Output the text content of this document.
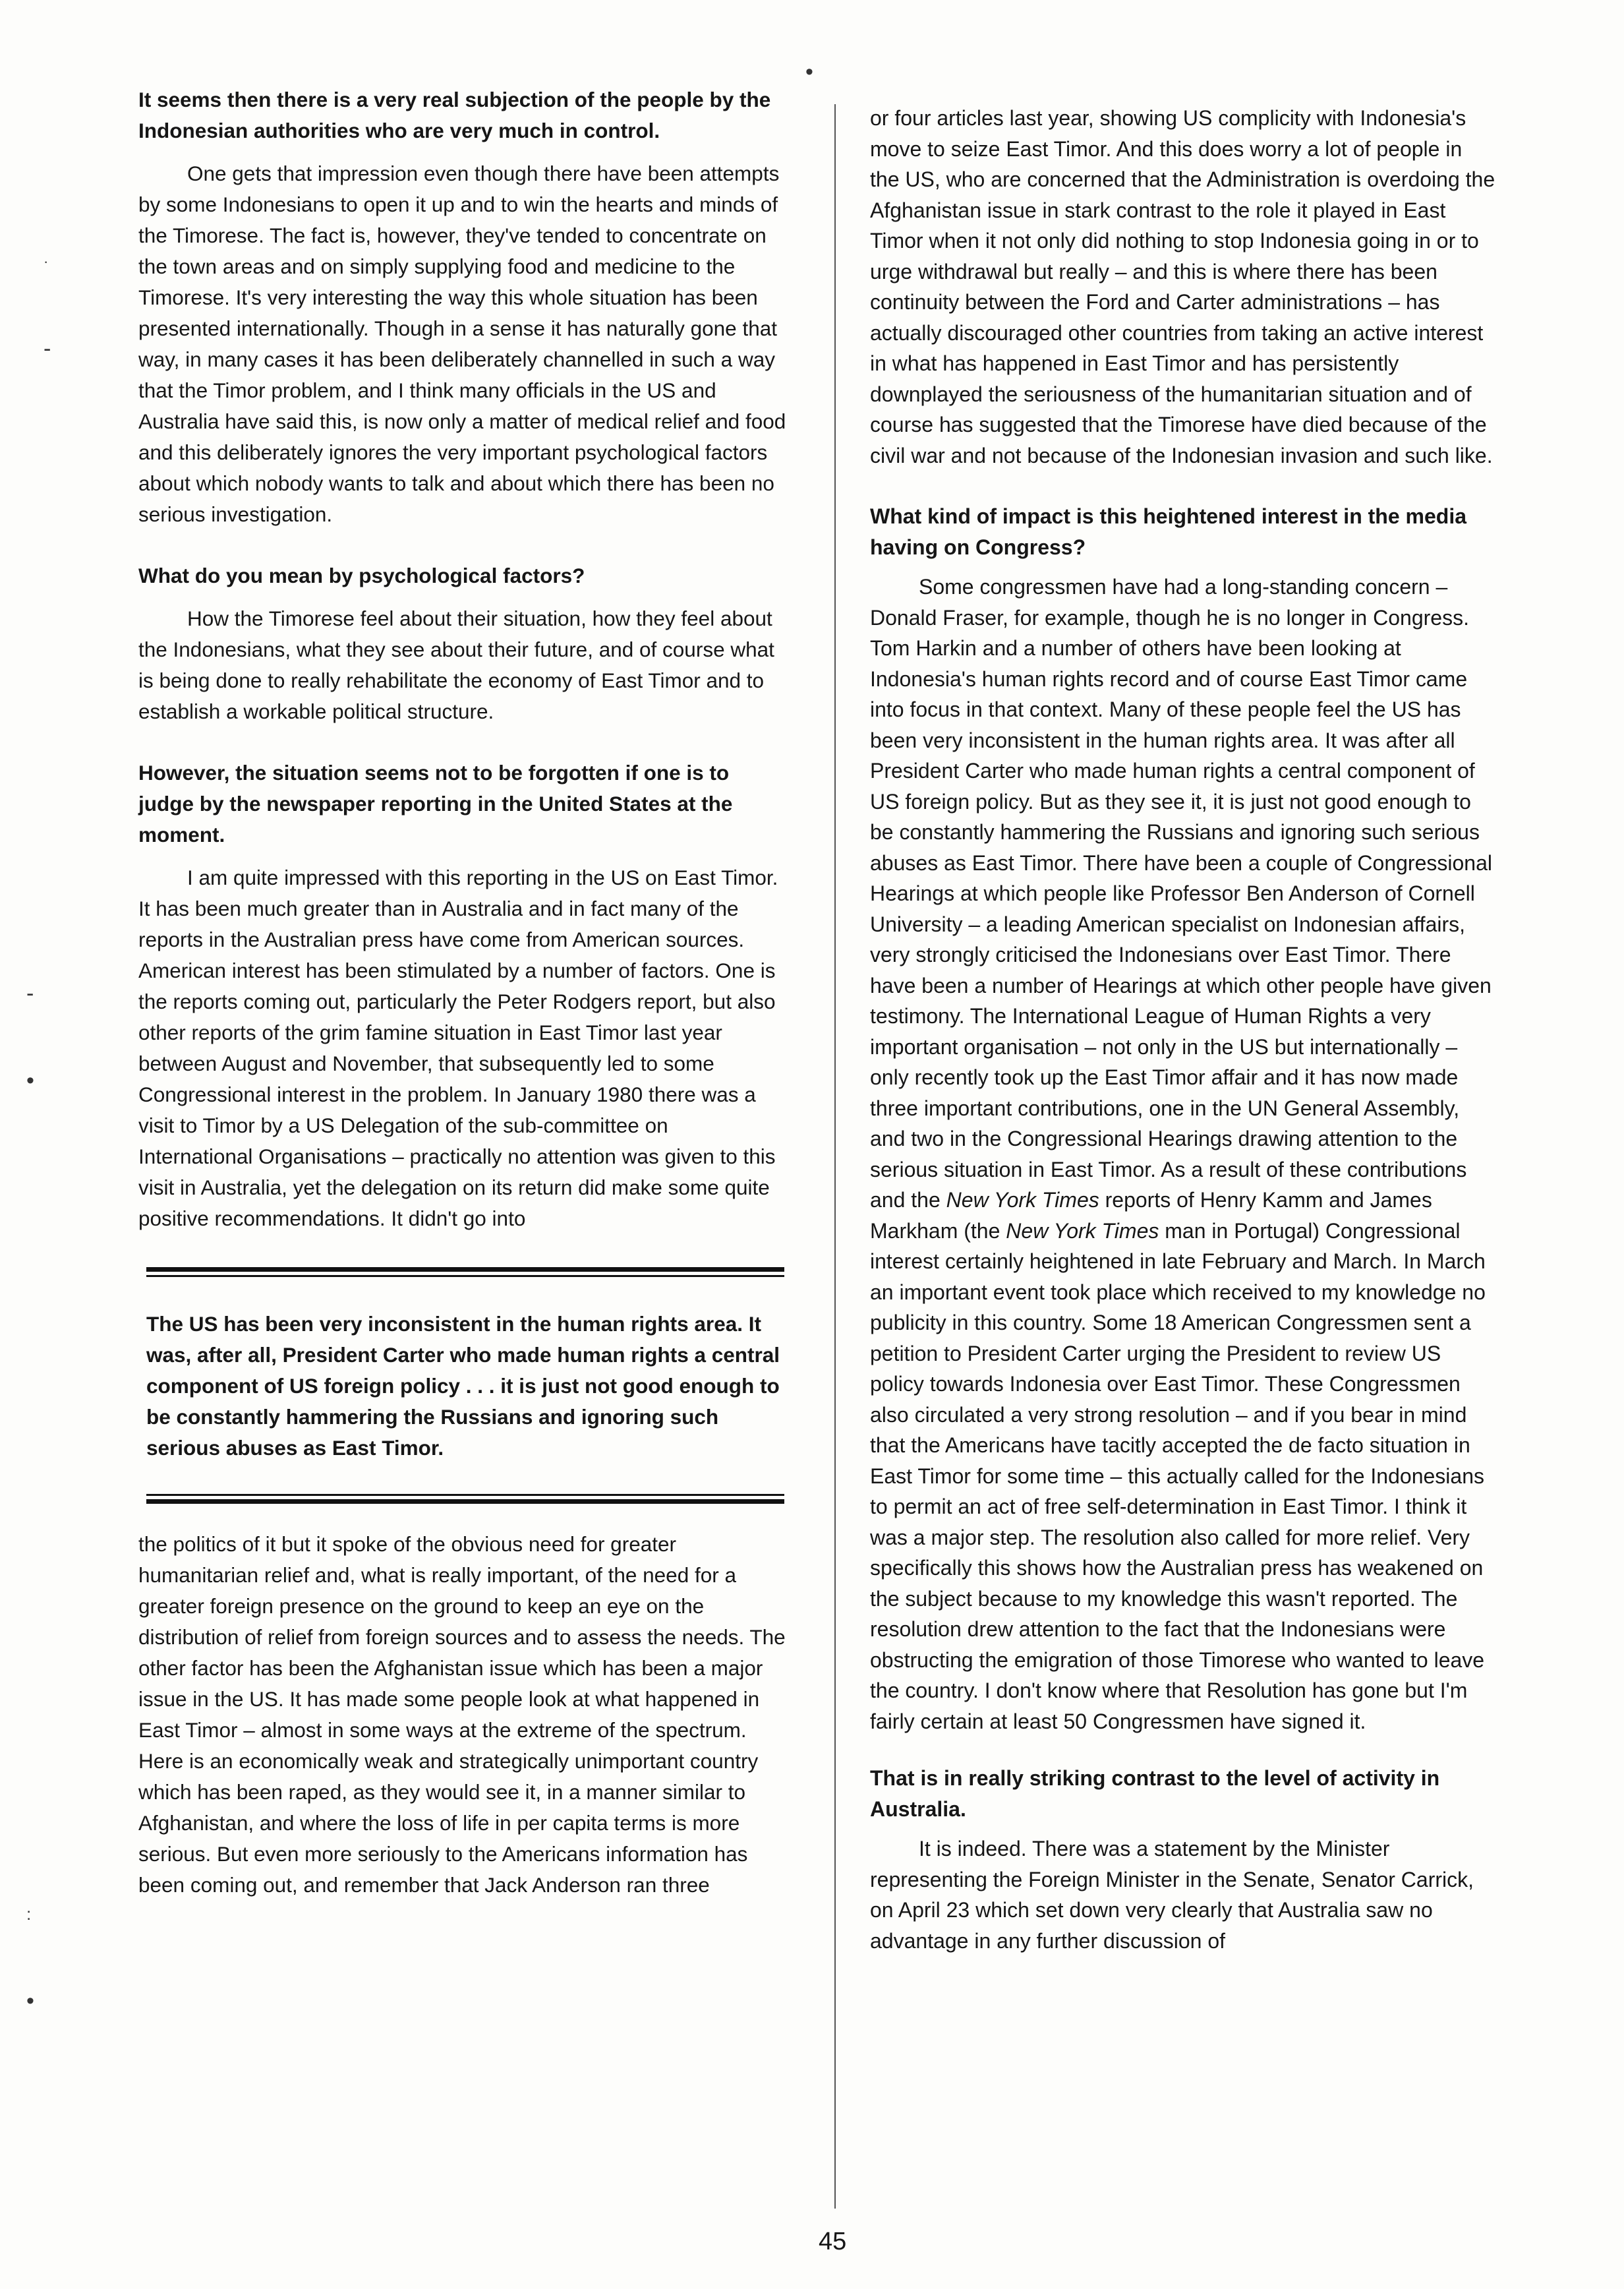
•
·
-
-
•
:
•

It seems then there is a very real subjection of the people by the Indonesian authorities who are very much in control.

One gets that impression even though there have been attempts by some Indonesians to open it up and to win the hearts and minds of the Timorese. The fact is, however, they've tended to concentrate on the town areas and on simply supplying food and medicine to the Timorese. It's very interesting the way this whole situation has been presented internationally. Though in a sense it has naturally gone that way, in many cases it has been deliberately channelled in such a way that the Timor problem, and I think many officials in the US and Australia have said this, is now only a matter of medical relief and food and this deliberately ignores the very important psychological factors about which nobody wants to talk and about which there has been no serious investigation.

What do you mean by psychological factors?

How the Timorese feel about their situation, how they feel about the Indonesians, what they see about their future, and of course what is being done to really rehabilitate the economy of East Timor and to establish a workable political structure.

However, the situation seems not to be forgotten if one is to judge by the newspaper reporting in the United States at the moment.

I am quite impressed with this reporting in the US on East Timor. It has been much greater than in Australia and in fact many of the reports in the Australian press have come from American sources. American interest has been stimulated by a number of factors. One is the reports coming out, particularly the Peter Rodgers report, but also other reports of the grim famine situation in East Timor last year between August and November, that subsequently led to some Congressional interest in the problem. In January 1980 there was a visit to Timor by a US Delegation of the sub-committee on International Organisations – practically no attention was given to this visit in Australia, yet the delegation on its return did make some quite positive recommendations. It didn't go into

The US has been very inconsistent in the human rights area. It was, after all, President Carter who made human rights a central component of US foreign policy . . . it is just not good enough to be constantly hammering the Russians and ignoring such serious abuses as East Timor.

the politics of it but it spoke of the obvious need for greater humanitarian relief and, what is really important, of the need for a greater foreign presence on the ground to keep an eye on the distribution of relief from foreign sources and to assess the needs. The other factor has been the Afghanistan issue which has been a major issue in the US. It has made some people look at what happened in East Timor – almost in some ways at the extreme of the spectrum. Here is an economically weak and strategically unimportant country which has been raped, as they would see it, in a manner similar to Afghanistan, and where the loss of life in per capita terms is more serious. But even more seriously to the Americans information has been coming out, and remember that Jack Anderson ran three

or four articles last year, showing US complicity with Indonesia's move to seize East Timor. And this does worry a lot of people in the US, who are concerned that the Administration is overdoing the Afghanistan issue in stark contrast to the role it played in East Timor when it not only did nothing to stop Indonesia going in or to urge withdrawal but really – and this is where there has been continuity between the Ford and Carter administrations – has actually discouraged other countries from taking an active interest in what has happened in East Timor and has persistently downplayed the seriousness of the humanitarian situation and of course has suggested that the Timorese have died because of the civil war and not because of the Indonesian invasion and such like.

What kind of impact is this heightened interest in the media having on Congress?

Some congressmen have had a long-standing concern – Donald Fraser, for example, though he is no longer in Congress. Tom Harkin and a number of others have been looking at Indonesia's human rights record and of course East Timor came into focus in that context. Many of these people feel the US has been very inconsistent in the human rights area. It was after all President Carter who made human rights a central component of US foreign policy. But as they see it, it is just not good enough to be constantly hammering the Russians and ignoring such serious abuses as East Timor. There have been a couple of Congressional Hearings at which people like Professor Ben Anderson of Cornell University – a leading American specialist on Indonesian affairs, very strongly criticised the Indonesians over East Timor. There have been a number of Hearings at which other people have given testimony. The International League of Human Rights a very important organisation – not only in the US but internationally – only recently took up the East Timor affair and it has now made three important contributions, one in the UN General Assembly, and two in the Congressional Hearings drawing attention to the serious situation in East Timor. As a result of these contributions and the New York Times reports of Henry Kamm and James Markham (the New York Times man in Portugal) Congressional interest certainly heightened in late February and March. In March an important event took place which received to my knowledge no publicity in this country. Some 18 American Congressmen sent a petition to President Carter urging the President to review US policy towards Indonesia over East Timor. These Congressmen also circulated a very strong resolution – and if you bear in mind that the Americans have tacitly accepted the de facto situation in East Timor for some time – this actually called for the Indonesians to permit an act of free self-determination in East Timor. I think it was a major step. The resolution also called for more relief. Very specifically this shows how the Australian press has weakened on the subject because to my knowledge this wasn't reported. The resolution drew attention to the fact that the Indonesians were obstructing the emigration of those Timorese who wanted to leave the country. I don't know where that Resolution has gone but I'm fairly certain at least 50 Congressmen have signed it.

That is in really striking contrast to the level of activity in Australia.

It is indeed. There was a statement by the Minister representing the Foreign Minister in the Senate, Senator Carrick, on April 23 which set down very clearly that Australia saw no advantage in any further discussion of

45
